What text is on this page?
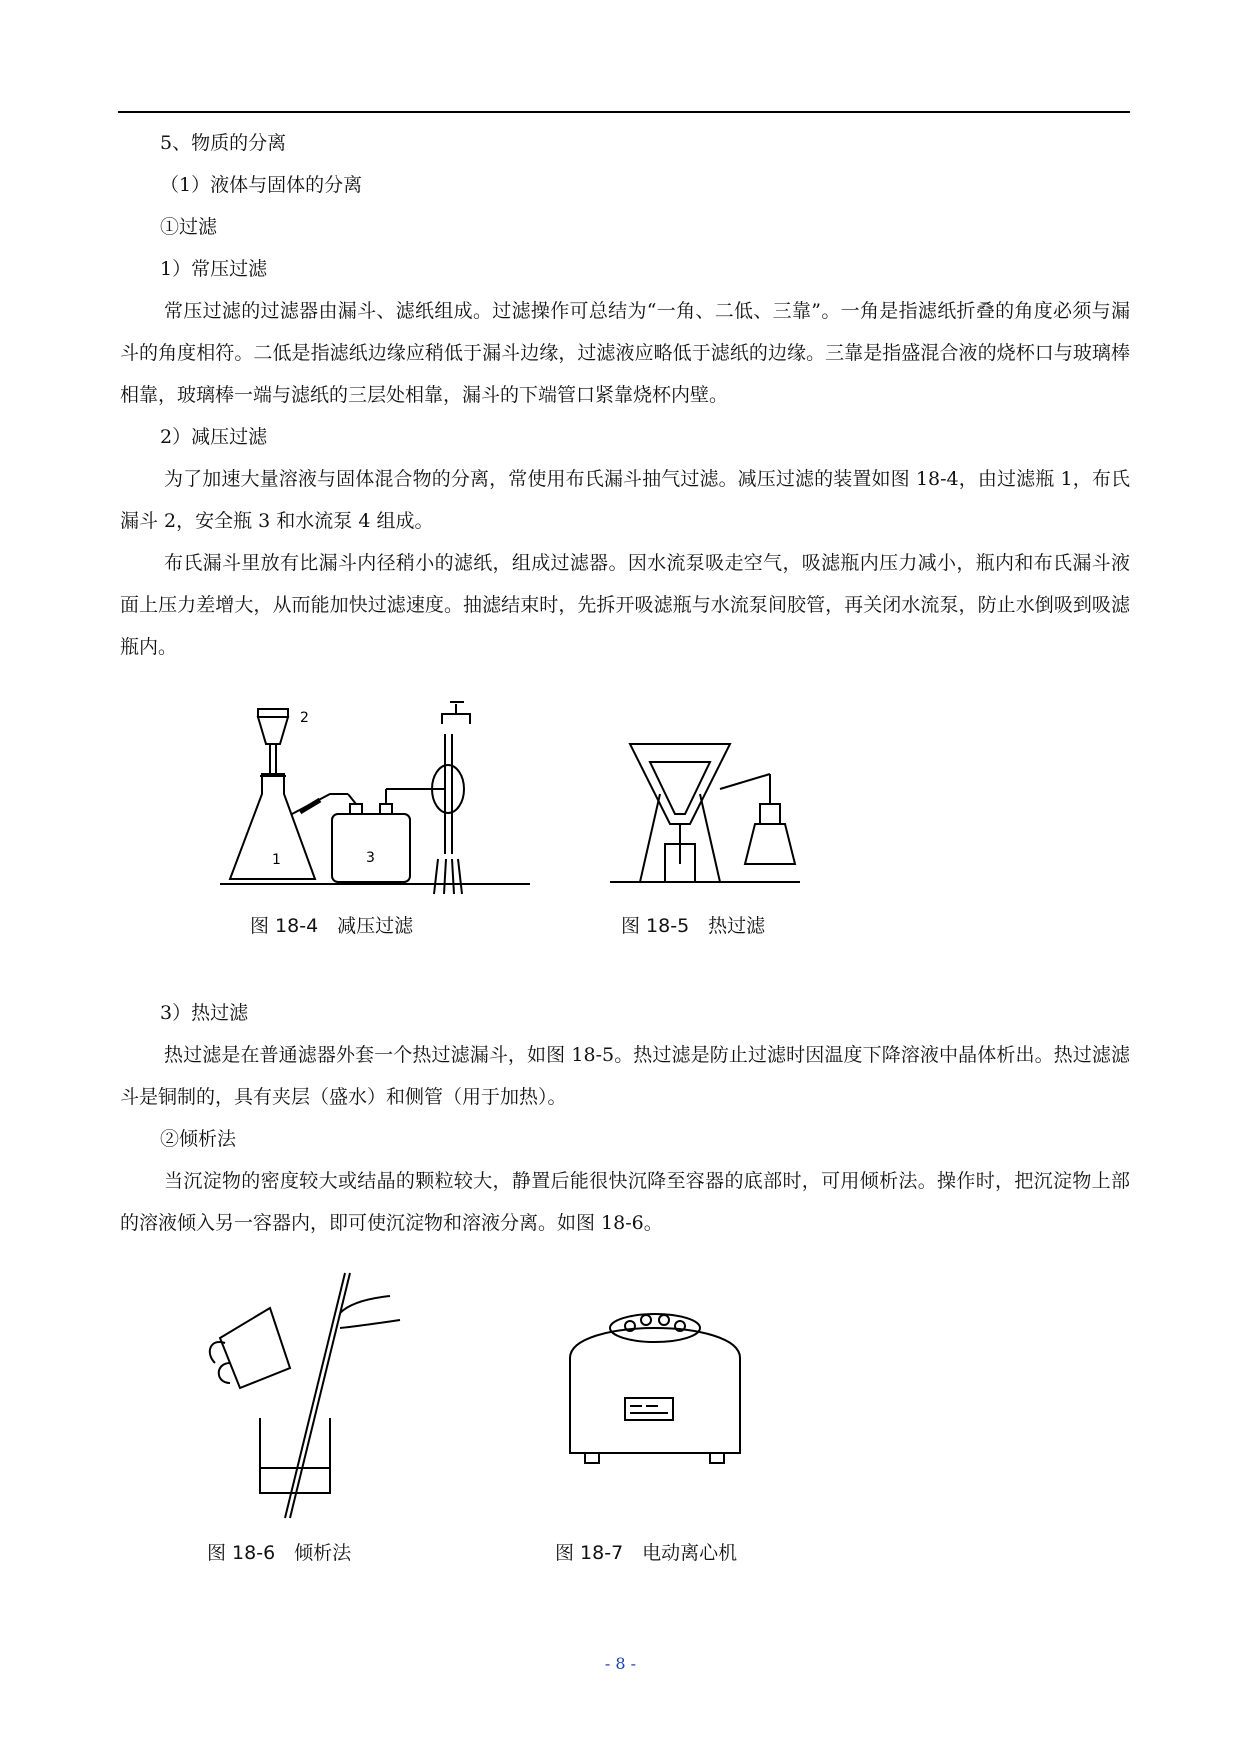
5、物质的分离

（1）液体与固体的分离

①过滤

1）常压过滤

常压过滤的过滤器由漏斗、滤纸组成。过滤操作可总结为“一角、二低、三靠”。一角是指滤纸折叠的角度必须与漏斗的角度相符。二低是指滤纸边缘应稍低于漏斗边缘，过滤液应略低于滤纸的边缘。三靠是指盛混合液的烧杯口与玻璃棒相靠，玻璃棒一端与滤纸的三层处相靠，漏斗的下端管口紧靠烧杯内壁。

2）减压过滤

为了加速大量溶液与固体混合物的分离，常使用布氏漏斗抽气过滤。减压过滤的装置如图 18-4，由过滤瓶 1，布氏漏斗 2，安全瓶 3 和水流泵 4 组成。

布氏漏斗里放有比漏斗内径稍小的滤纸，组成过滤器。因水流泵吸走空气，吸滤瓶内压力减小，瓶内和布氏漏斗液面上压力差增大，从而能加快过滤速度。抽滤结束时，先拆开吸滤瓶与水流泵间胶管，再关闭水流泵，防止水倒吸到吸滤瓶内。

3）热过滤

热过滤是在普通滤器外套一个热过滤漏斗，如图 18-5。热过滤是防止过滤时因温度下降溶液中晶体析出。热过滤滤斗是铜制的，具有夹层（盛水）和侧管（用于加热）。

②倾析法

当沉淀物的密度较大或结晶的颗粒较大，静置后能很快沉降至容器的底部时，可用倾析法。操作时，把沉淀物上部的溶液倾入另一容器内，即可使沉淀物和溶液分离。如图 18-6。

1
2
3
图 18-4　减压过滤	图 18-5　热过滤
图 18-6　倾析法	图 18-7　电动离心机
- 8 -
